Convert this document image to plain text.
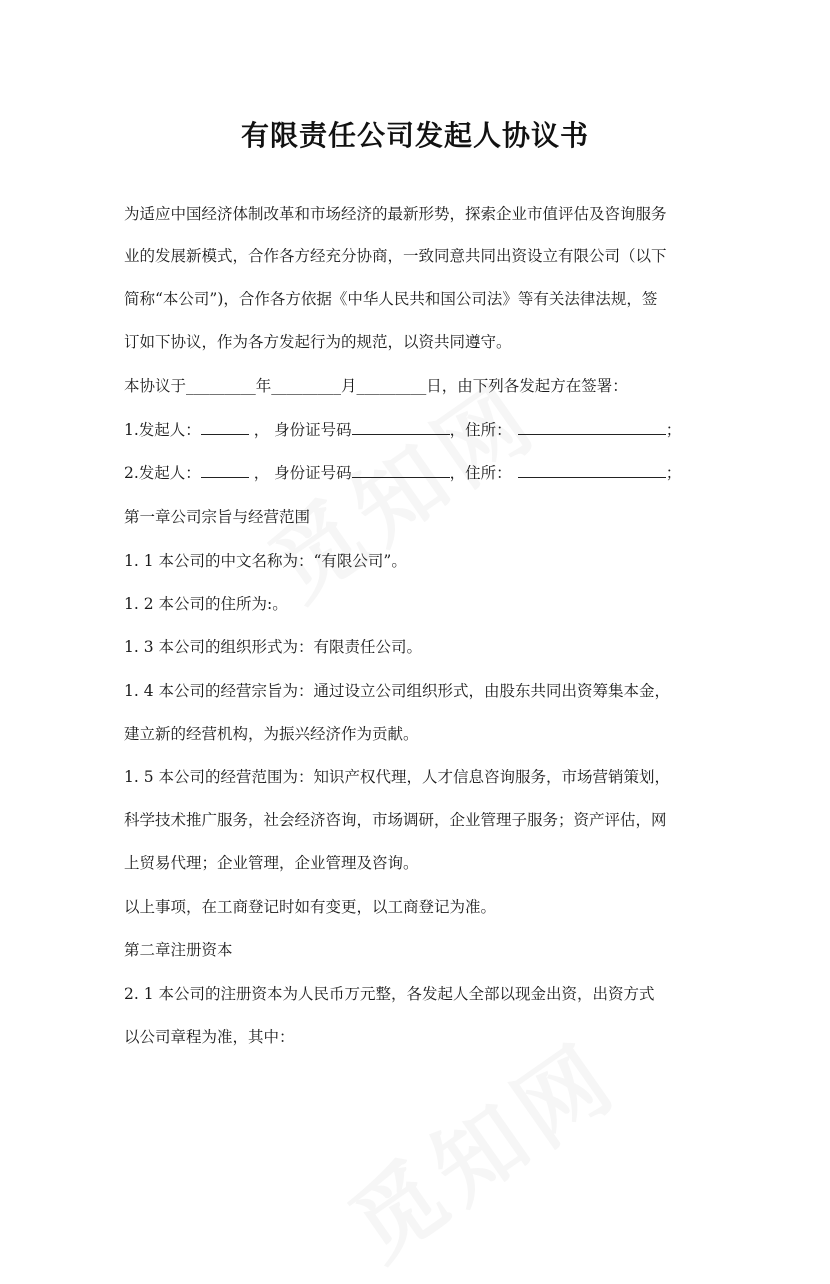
有限责任公司发起人协议书
为适应中国经济体制改革和市场经济的最新形势，探索企业市值评估及咨询服务
业的发展新模式，合作各方经充分协商，一致同意共同出资设立有限公司（以下
简称“本公司”)，合作各方依据《中华人民共和国公司法》等有关法律法规，签
订如下协议，作为各方发起行为的规范，以资共同遵守。
本协议于_________年_________月_________日，由下列各发起方在签署：
1.发起人：	， 身份证号码	，住所：	；
2.发起人：	， 身份证号码	，住所：	；
第一章公司宗旨与经营范围
1. 1 本公司的中文名称为：“有限公司”。
1. 2 本公司的住所为:。
1. 3 本公司的组织形式为：有限责任公司。
1. 4 本公司的经营宗旨为：通过设立公司组织形式，由股东共同出资筹集本金，
建立新的经营机构，为振兴经济作为贡献。
1. 5 本公司的经营范围为：知识产权代理，人才信息咨询服务，市场营销策划，
科学技术推广服务，社会经济咨询，市场调研，企业管理子服务；资产评估，网
上贸易代理；企业管理，企业管理及咨询。
以上事项，在工商登记时如有变更，以工商登记为准。
第二章注册资本
2. 1 本公司的注册资本为人民币万元整，各发起人全部以现金出资，出资方式
以公司章程为准，其中：
